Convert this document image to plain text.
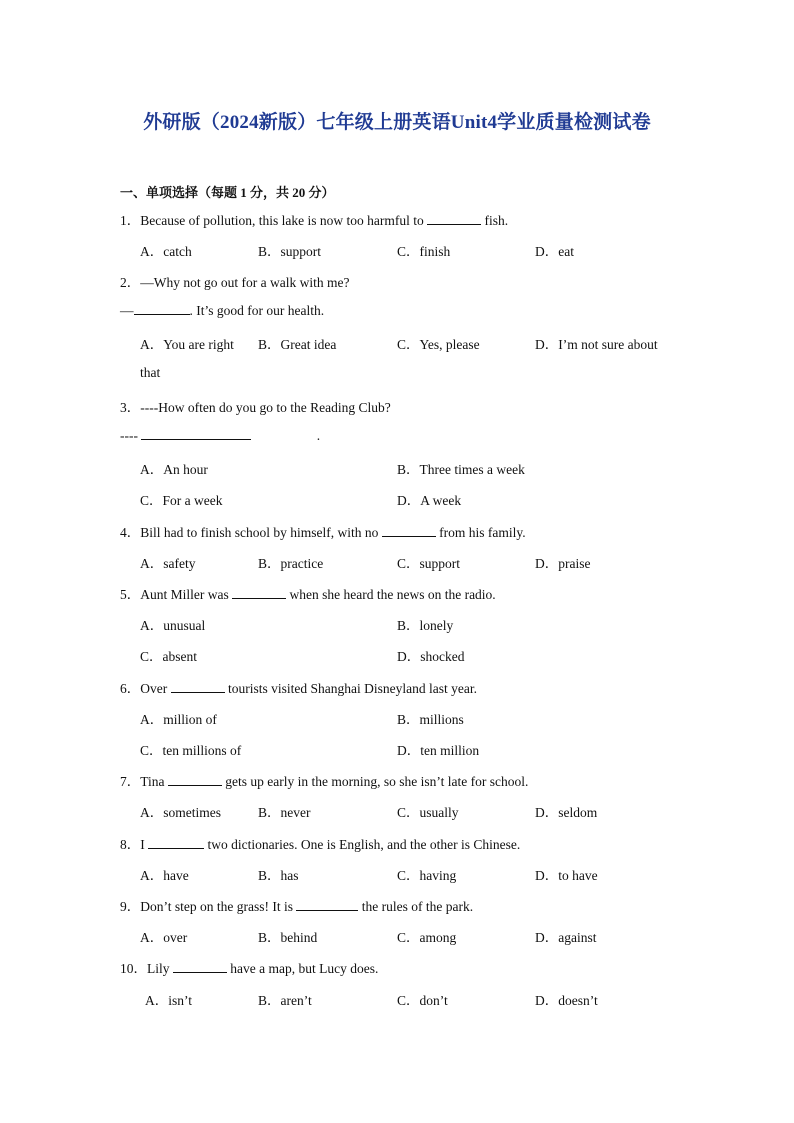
外研版（2024新版）七年级上册英语Unit4学业质量检测试卷
一、单项选择（每题 1 分，共 20 分）
1．Because of pollution, this lake is now too harmful to	fish.
A．catch	B．support	C．finish	D．eat
2．—Why not go out for a walk with me?
—	. It’s good for our health.
A．You are right B．Great idea	C．Yes, please	D．I’m not sure about
that
3．----How often do you go to the Reading Club?
----	.
A．An hour	B．Three times a week
C．For a week	D．A week
4．Bill had to finish school by himself, with no	from his family.
A．safety	B．practice	C．support	D．praise
5．Aunt Miller was	when she heard the news on the radio.
A．unusual	B．lonely
C．absent	D．shocked
6．Over	tourists visited Shanghai Disneyland last year.
A．million of	B．millions
C．ten millions of	D．ten million
7．Tina	gets up early in the morning, so she isn’t late for school.
A．sometimes	B．never	C．usually	D．seldom
8．I	two dictionaries. One is English, and the other is Chinese.
A．have	B．has	C．having	D．to have
9．Don’t step on the grass! It is	the rules of the park.
A．over	B．behind	C．among	D．against
10．Lily	have a map, but Lucy does.
A．isn’t	B．aren’t	C．don’t	D．doesn’t
